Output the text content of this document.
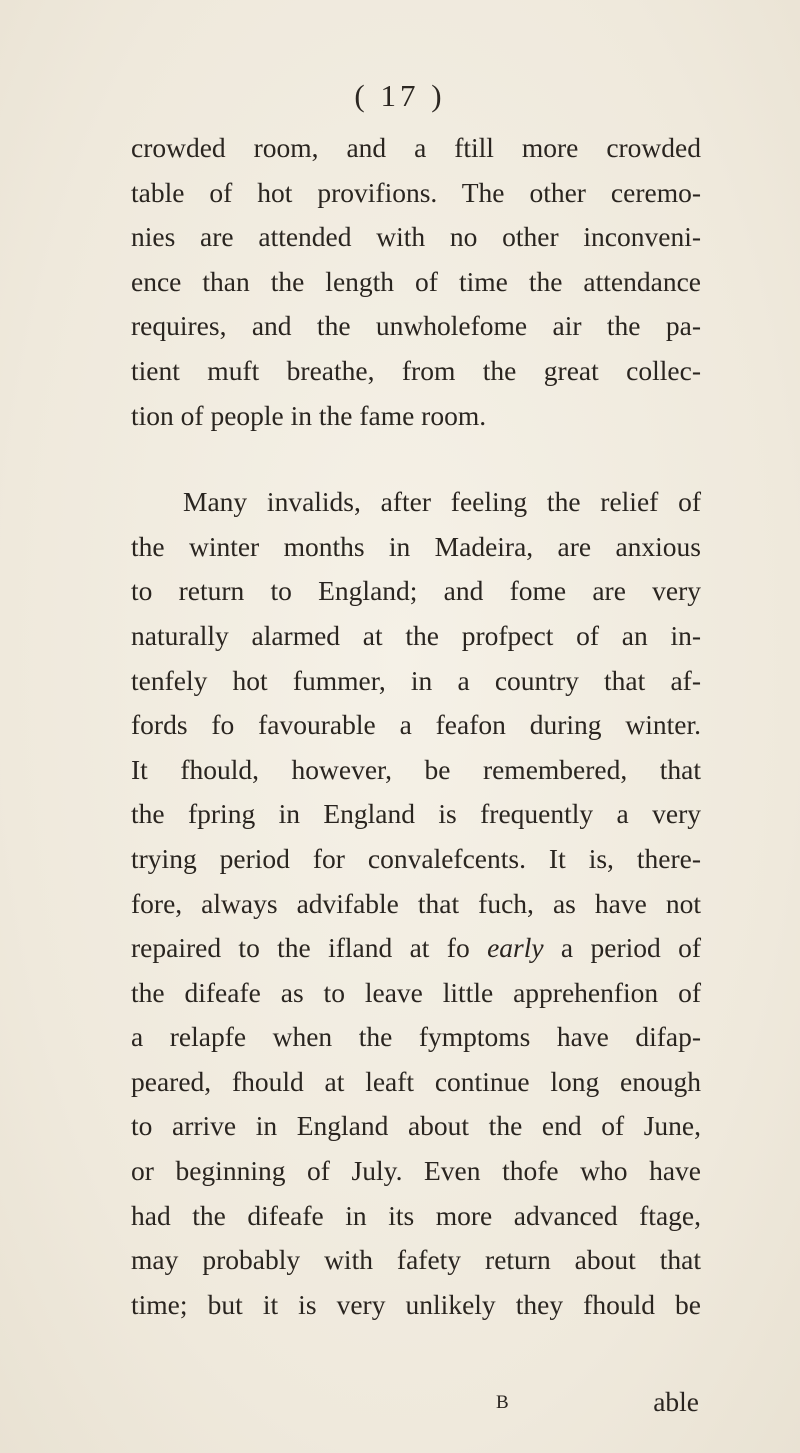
( 17 )
crowded room, and a ftill more crowded
table of hot provifions. The other ceremo-
nies are attended with no other inconveni-
ence than the length of time the attendance
requires, and the unwholefome air the pa-
tient muft breathe, from the great collec-
tion of people in the fame room.
Many invalids, after feeling the relief of
the winter months in Madeira, are anxious
to return to England; and fome are very
naturally alarmed at the profpect of an in-
tenfely hot fummer, in a country that af-
fords fo favourable a feafon during winter.
It fhould, however, be remembered, that
the fpring in England is frequently a very
trying period for convalefcents. It is, there-
fore, always advifable that fuch, as have not
repaired to the ifland at fo early a period of
the difeafe as to leave little apprehenfion of
a relapfe when the fymptoms have difap-
peared, fhould at leaft continue long enough
to arrive in England about the end of June,
or beginning of July. Even thofe who have
had the difeafe in its more advanced ftage,
may probably with fafety return about that
time; but it is very unlikely they fhould be
B	able
